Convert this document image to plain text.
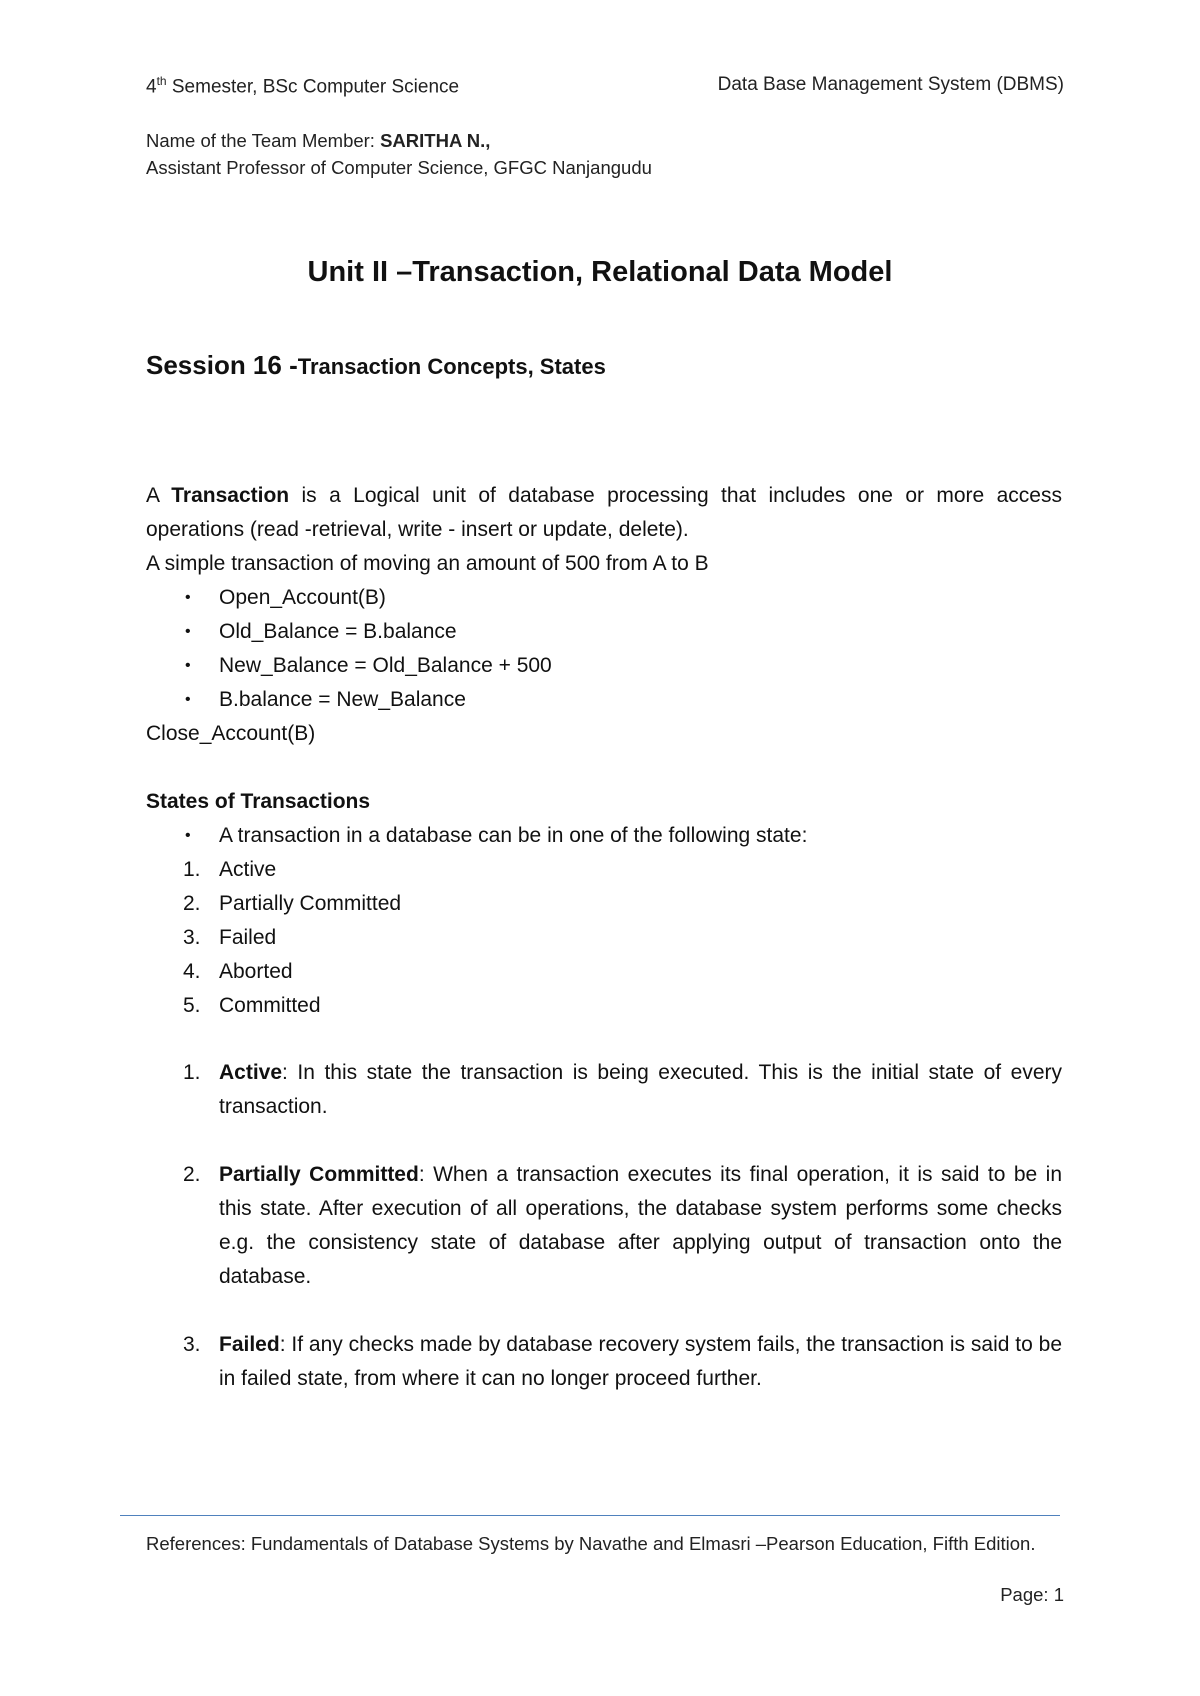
4th Semester, BSc Computer Science	Data Base Management System (DBMS)
Name of the Team Member: SARITHA N.,
Assistant Professor of Computer Science, GFGC Nanjangudu
Unit II –Transaction, Relational Data Model
Session 16 -Transaction Concepts, States
A Transaction is a Logical unit of database processing that includes one or more access operations (read -retrieval, write - insert or update, delete).
A simple transaction of moving an amount of 500 from A to B
• Open_Account(B)
• Old_Balance = B.balance
• New_Balance = Old_Balance + 500
• B.balance = New_Balance
Close_Account(B)
States of Transactions
• A transaction in a database can be in one of the following state:
1. Active
2. Partially Committed
3. Failed
4. Aborted
5. Committed
1. Active: In this state the transaction is being executed. This is the initial state of every transaction.
2. Partially Committed: When a transaction executes its final operation, it is said to be in this state. After execution of all operations, the database system performs some checks e.g. the consistency state of database after applying output of transaction onto the database.
3. Failed: If any checks made by database recovery system fails, the transaction is said to be in failed state, from where it can no longer proceed further.
References: Fundamentals of Database Systems by Navathe and Elmasri –Pearson Education, Fifth Edition.
Page: 1
